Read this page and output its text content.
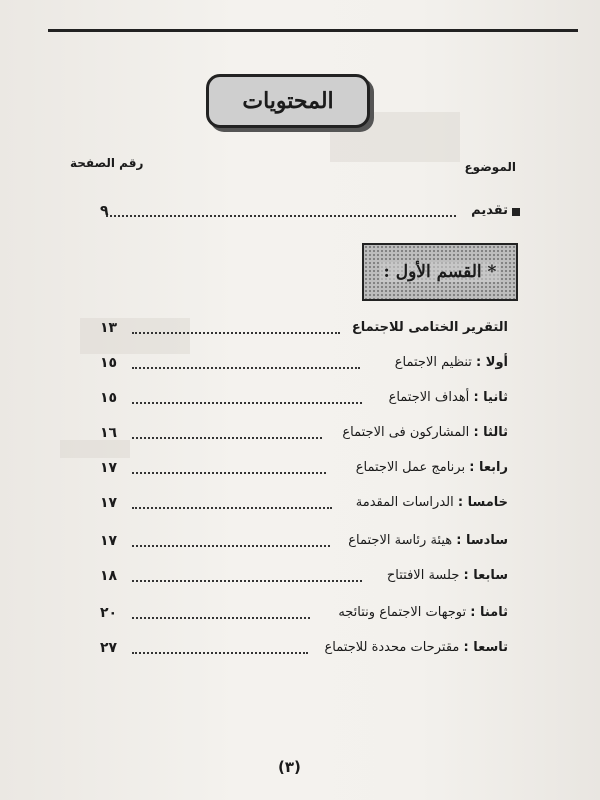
المحتويات
الموضوع
رقم الصفحة
تقديم
٩
* القسم الأول :
التقرير الختامى للاجتماع
١٣
أولا : تنظيم الاجتماع
١٥
ثانيا : أهداف الاجتماع
١٥
ثالثا : المشاركون فى الاجتماع
١٦
رابعا : برنامج عمل الاجتماع
١٧
خامسا : الدراسات المقدمة
١٧
سادسا : هيئة رئاسة الاجتماع
١٧
سابعا : جلسة الافتتاح
١٨
ثامنا : توجهات الاجتماع ونتائجه
٢٠
تاسعا : مقترحات محددة للاجتماع
٢٧
(٣)
